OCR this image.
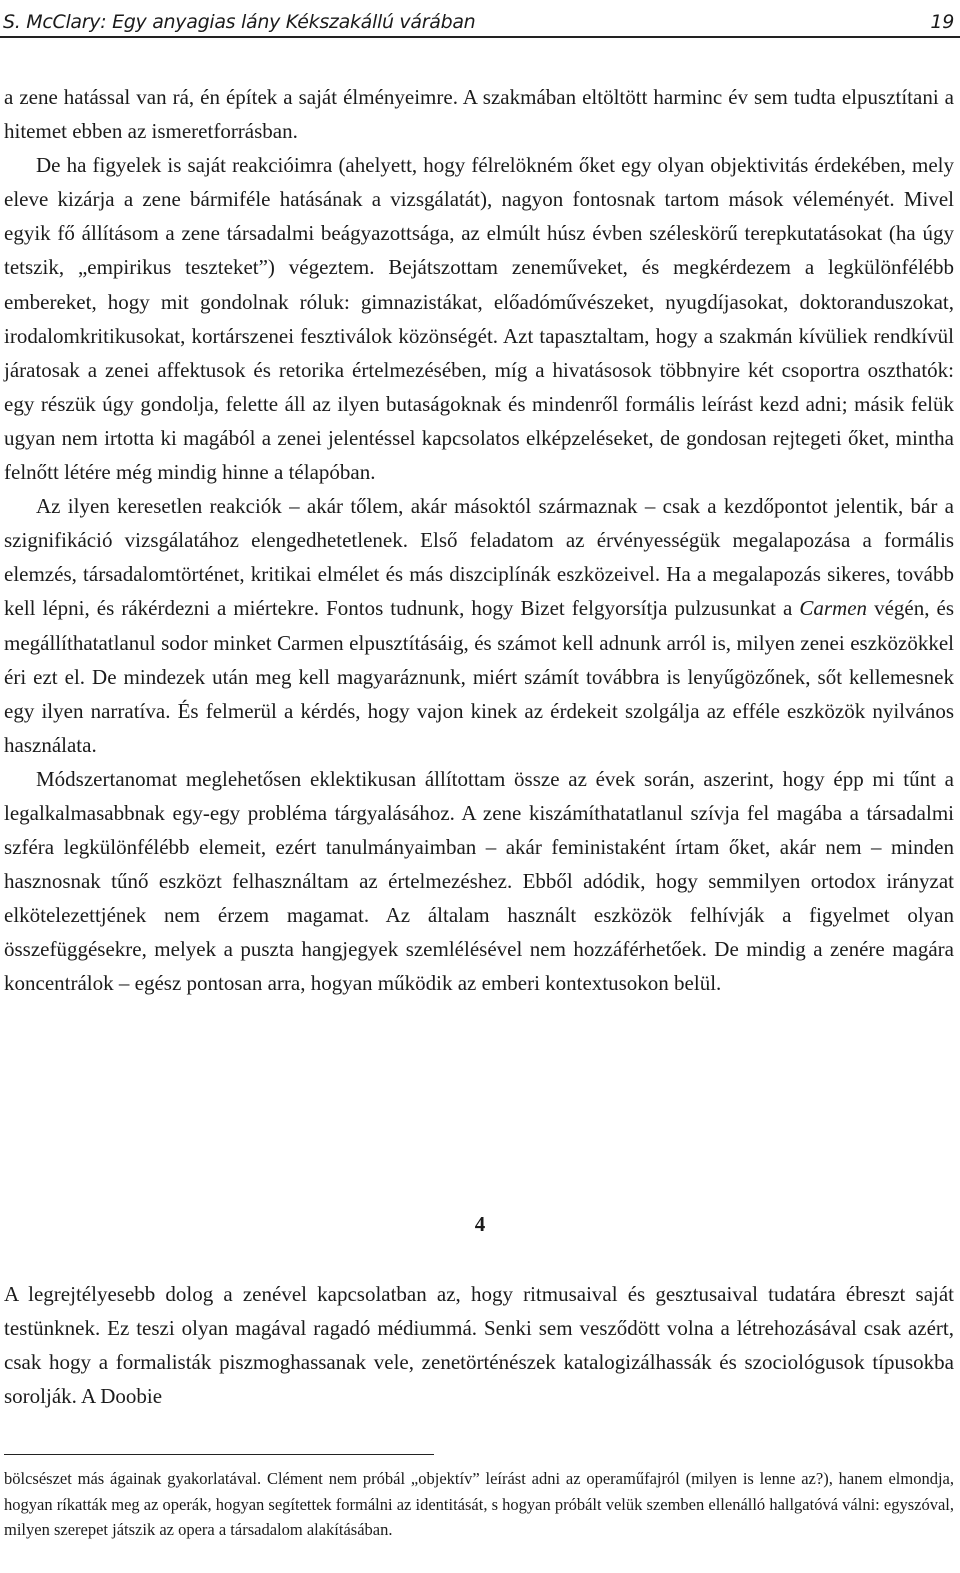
S. McClary: Egy anyagias lány Kékszakállú várában	19

a zene hatással van rá, én építek a saját élményeimre. A szakmában eltöltött harminc év sem tudta elpusztítani a hitemet ebben az ismeretforrásban.

De ha figyelek is saját reakcióimra (ahelyett, hogy félrelökném őket egy olyan objektivitás érdekében, mely eleve kizárja a zene bármiféle hatásának a vizsgálatát), nagyon fontosnak tartom mások véleményét. Mivel egyik fő állításom a zene társadalmi beágyazottsága, az elmúlt húsz évben széleskörű terepkutatásokat (ha úgy tetszik, „empirikus teszteket”) végeztem. Bejátszottam zeneműveket, és megkérdezem a legkülönfélébb embereket, hogy mit gondolnak róluk: gimnazistákat, előadóművészeket, nyugdíjasokat, doktoranduszokat, irodalomkritikusokat, kortárszenei fesztiválok közönségét. Azt tapasztaltam, hogy a szakmán kívüliek rendkívül járatosak a zenei affektusok és retorika értelmezésében, míg a hivatásosok többnyire két csoportra oszthatók: egy részük úgy gondolja, felette áll az ilyen butaságoknak és mindenről formális leírást kezd adni; másik felük ugyan nem irtotta ki magából a zenei jelentéssel kapcsolatos elképzeléseket, de gondosan rejtegeti őket, mintha felnőtt létére még mindig hinne a télapóban.

Az ilyen keresetlen reakciók – akár tőlem, akár másoktól származnak – csak a kezdőpontot jelentik, bár a szignifikáció vizsgálatához elengedhetetlenek. Első feladatom az érvényességük megalapozása a formális elemzés, társadalomtörténet, kritikai elmélet és más diszciplínák eszközeivel. Ha a megalapozás sikeres, tovább kell lépni, és rákérdezni a miértekre. Fontos tudnunk, hogy Bizet felgyorsítja pulzusunkat a Carmen végén, és megállíthatatlanul sodor minket Carmen elpusztításáig, és számot kell adnunk arról is, milyen zenei eszközökkel éri ezt el. De mindezek után meg kell magyaráznunk, miért számít továbbra is lenyűgözőnek, sőt kellemesnek egy ilyen narratíva. És felmerül a kérdés, hogy vajon kinek az érdekeit szolgálja az efféle eszközök nyilvános használata.

Módszertanomat meglehetősen eklektikusan állítottam össze az évek során, aszerint, hogy épp mi tűnt a legalkalmasabbnak egy-egy probléma tárgyalásához. A zene kiszámíthatatlanul szívja fel magába a társadalmi szféra legkülönfélébb elemeit, ezért tanulmányaimban – akár feministaként írtam őket, akár nem – minden hasznosnak tűnő eszközt felhasználtam az értelmezéshez. Ebből adódik, hogy semmilyen ortodox irányzat elkötelezettjének nem érzem magamat. Az általam használt eszközök felhívják a figyelmet olyan összefüggésekre, melyek a puszta hangjegyek szemlélésével nem hozzáférhetőek. De mindig a zenére magára koncentrálok – egész pontosan arra, hogyan működik az emberi kontextusokon belül.

4

A legrejtélyesebb dolog a zenével kapcsolatban az, hogy ritmusaival és gesztusaival tudatára ébreszt saját testünknek. Ez teszi olyan magával ragadó médiummá. Senki sem vesződött volna a létrehozásával csak azért, csak hogy a formalisták piszmoghassanak vele, zenetörténészek katalogizálhassák és szociológusok típusokba sorolják. A Doobie

bölcsészet más ágainak gyakorlatával. Clément nem próbál „objektív” leírást adni az operaműfajról (milyen is lenne az?), hanem elmondja, hogyan ríkatták meg az operák, hogyan segítettek formálni az identitását, s hogyan próbált velük szemben ellenálló hallgatóvá válni: egyszóval, milyen szerepet játszik az opera a társadalom alakításában.
